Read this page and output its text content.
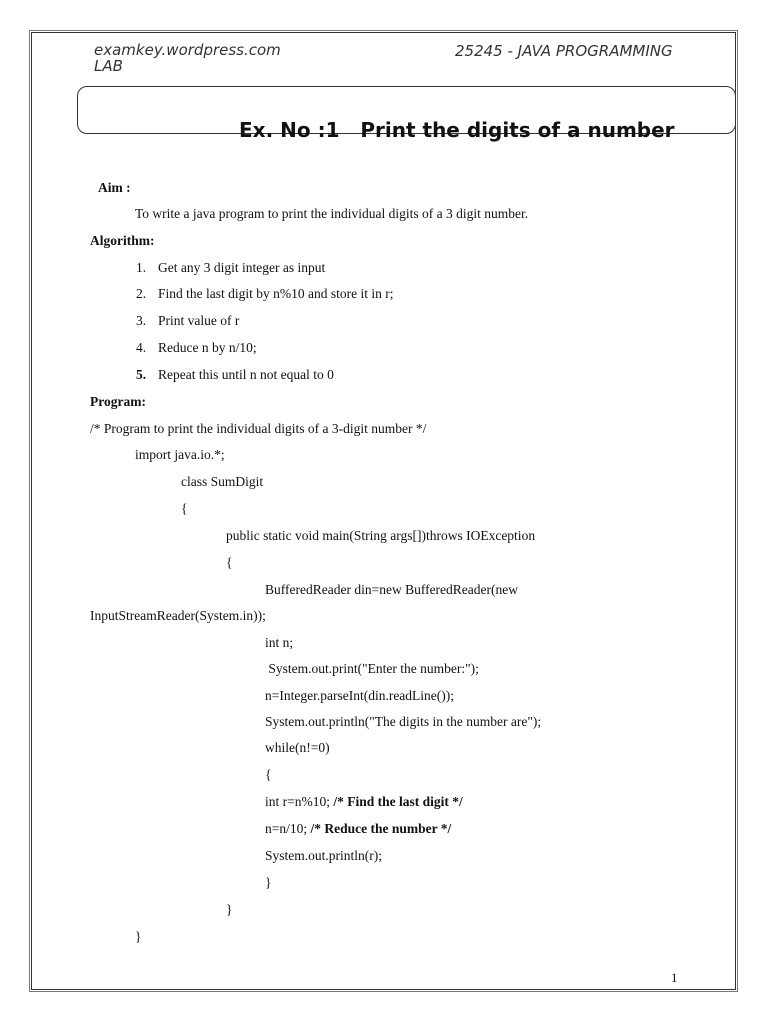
examkey.wordpress.com
LAB
25245 - JAVA PROGRAMMING
Ex. No :1   Print the digits of a number
Aim :
To write a java program to print the individual digits of a 3 digit number.
Algorithm:
1. Get any 3 digit integer as input
2. Find the last digit by n%10 and store it in r;
3. Print value of r
4. Reduce n by n/10;
5. Repeat this until n not equal to 0
Program:
/* Program to print the individual digits of a 3-digit number */
import java.io.*;
class SumDigit
{
public static void main(String args[])throws IOException
{
BufferedReader din=new BufferedReader(new
InputStreamReader(System.in));
int n;
System.out.print("Enter the number:");
n=Integer.parseInt(din.readLine());
System.out.println("The digits in the number are");
while(n!=0)
{
int r=n%10; /* Find the last digit */
n=n/10; /* Reduce the number */
System.out.println(r);
}
}
}
1
